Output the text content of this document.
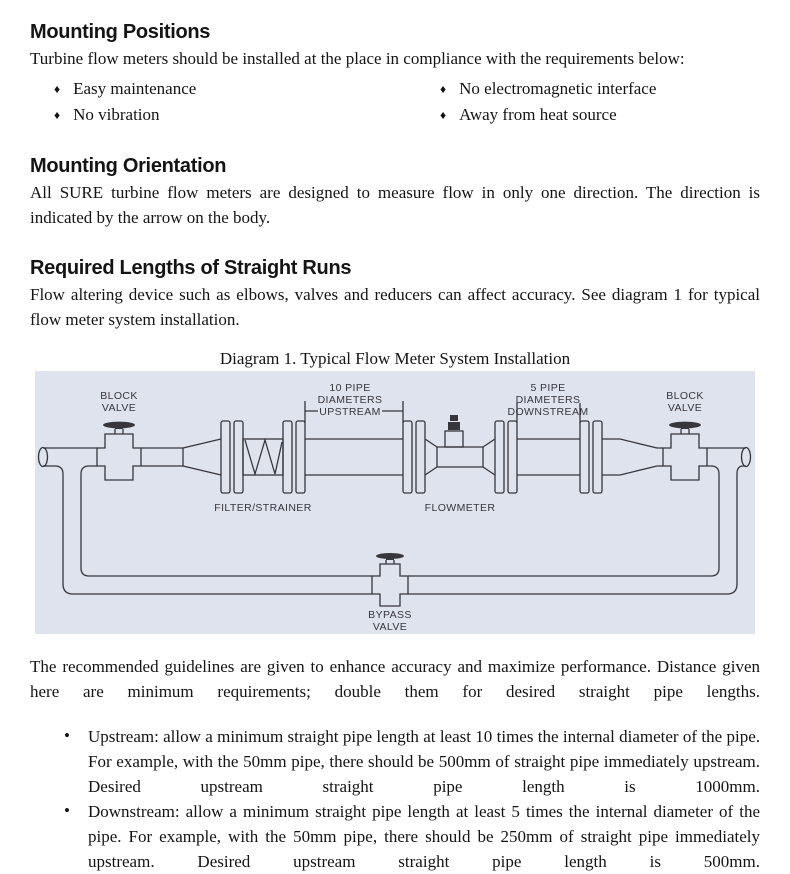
Mounting Positions

Turbine flow meters should be installed at the place in compliance with the requirements below:

♦ Easy maintenance
♦ No vibration
♦ No electromagnetic interface
♦ Away from heat source
Mounting Orientation

All SURE turbine flow meters are designed to measure flow in only one direction. The direction is indicated by the arrow on the body.

Required Lengths of Straight Runs

Flow altering device such as elbows, valves and reducers can affect accuracy. See diagram 1 for typical flow meter system installation.

Diagram 1. Typical Flow Meter System Installation

10 PIPE
DIAMETERS
UPSTREAM
5 PIPE
DIAMETERS
DOWNSTREAM
BLOCK
VALVE
BLOCK
VALVE
FILTER/STRAINER	FLOWMETER
BYPASS
VALVE

The recommended guidelines are given to enhance accuracy and maximize performance. Distance given here are minimum requirements; double them for desired straight pipe lengths.

• Upstream: allow a minimum straight pipe length at least 10 times the internal diameter of the pipe. For example, with the 50mm pipe, there should be 500mm of straight pipe immediately upstream. Desired upstream straight pipe length is 1000mm.
• Downstream: allow a minimum straight pipe length at least 5 times the internal diameter of the pipe. For example, with the 50mm pipe, there should be 250mm of straight pipe immediately upstream. Desired upstream straight pipe length is 500mm.
